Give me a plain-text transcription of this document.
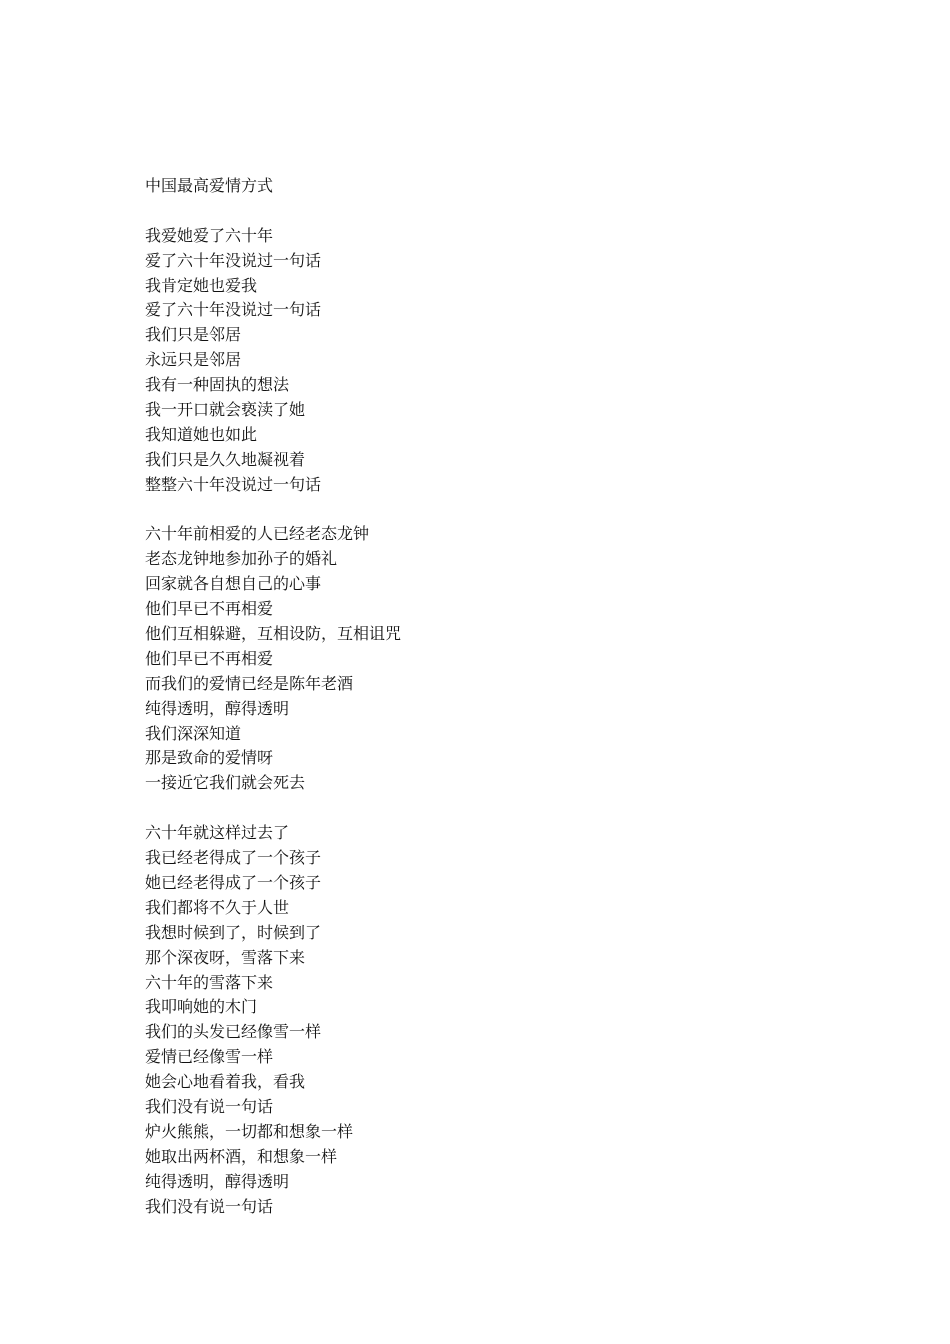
中国最高爱情方式
我爱她爱了六十年
爱了六十年没说过一句话
我肯定她也爱我
爱了六十年没说过一句话
我们只是邻居
永远只是邻居
我有一种固执的想法
我一开口就会亵渎了她
我知道她也如此
我们只是久久地凝视着
整整六十年没说过一句话
六十年前相爱的人已经老态龙钟
老态龙钟地参加孙子的婚礼
回家就各自想自己的心事
他们早已不再相爱
他们互相躲避，互相设防，互相诅咒
他们早已不再相爱
而我们的爱情已经是陈年老酒
纯得透明，醇得透明
我们深深知道
那是致命的爱情呀
一接近它我们就会死去
六十年就这样过去了
我已经老得成了一个孩子
她已经老得成了一个孩子
我们都将不久于人世
我想时候到了，时候到了
那个深夜呀，雪落下来
六十年的雪落下来
我叩响她的木门
我们的头发已经像雪一样
爱情已经像雪一样
她会心地看着我，看我
我们没有说一句话
炉火熊熊，一切都和想象一样
她取出两杯酒，和想象一样
纯得透明，醇得透明
我们没有说一句话
